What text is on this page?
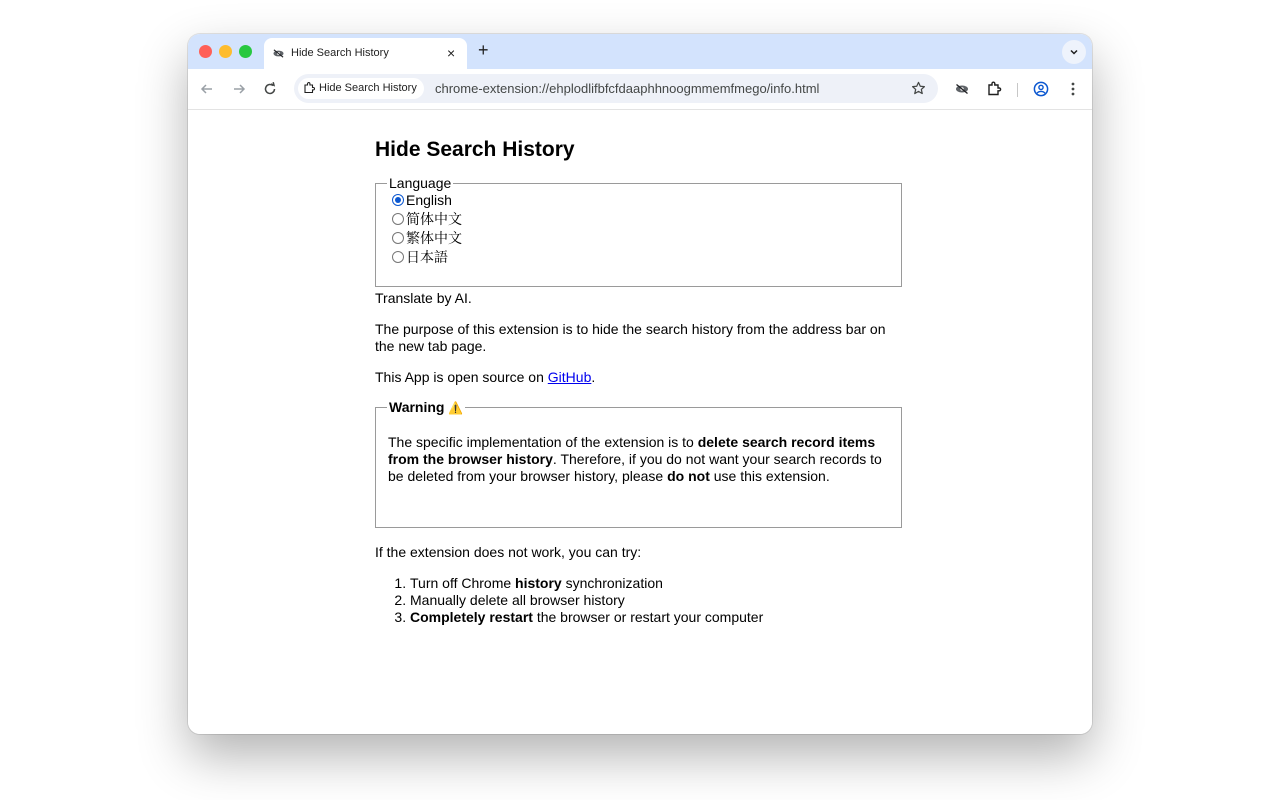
Hide Search History	× +
Hide Search History	chrome-extension://ehplodlifbfcfdaaphhnoogmmemfmego/info.html
Hide Search History
Language
English
简体中文
繁体中文
日本語

Translate by AI.

The purpose of this extension is to hide the search history from the address bar on the new tab page.

This App is open source on GitHub.

Warning ⚠️
The specific implementation of the extension is to delete search record items from the browser history. Therefore, if you do not want your search records to be deleted from your browser history, please do not use this extension.

If the extension does not work, you can try:

1. Turn off Chrome history synchronization
2. Manually delete all browser history
3. Completely restart the browser or restart your computer
